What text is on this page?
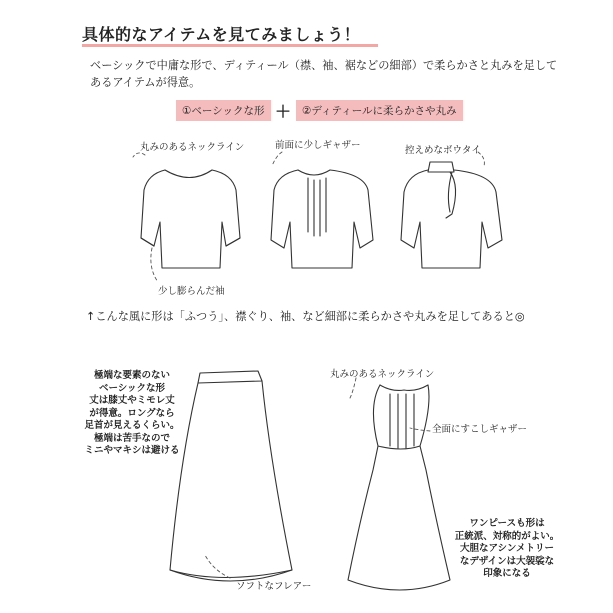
具体的なアイテムを見てみましょう！
ベーシックで中庸な形で、ディティール（襟、袖、裾などの細部）で柔らかさと丸みを足してあるアイテムが得意。
①ベーシックな形 ＋	②ディティールに柔らかさや丸み
丸みのあるネックライン	前面に少しギャザー	控えめなボウタイ
少し膨らんだ袖
↑こんな風に形は「ふつう」、襟ぐり、袖、など細部に柔らかさや丸みを足してあると◎
極端な要素のない
ベーシックな形
丈は膝丈やミモレ丈
が得意。ロングなら
足首が見えるくらい。
極端は苦手なので
ミニやマキシは避ける
ソフトなフレアー
丸みのあるネックライン
全面にすこしギャザー
ワンピースも形は
正統派、対称的がよい。
大胆なアシンメトリー
なデザインは大袈裟な
印象になる
